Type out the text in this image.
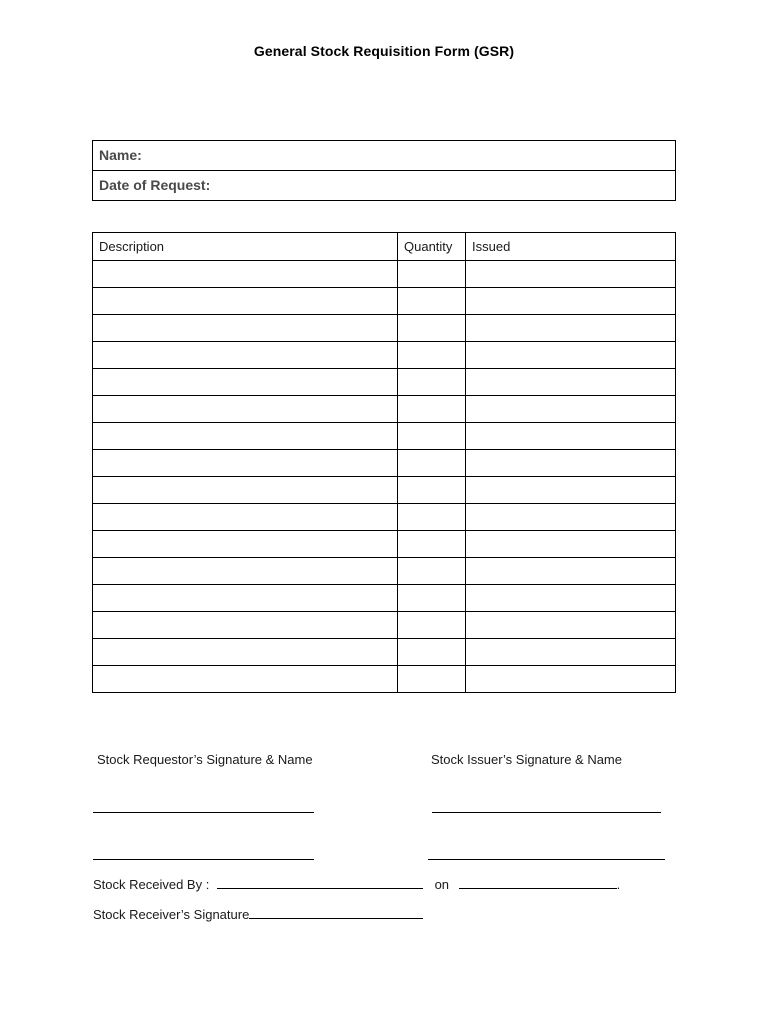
General Stock Requisition Form (GSR)
Name:
Date of Request:
Description	Quantity	Issued

Stock Requestor’s Signature & Name	Stock Issuer’s Signature & Name
Stock Received By :	on	.
Stock Receiver’s Signature
